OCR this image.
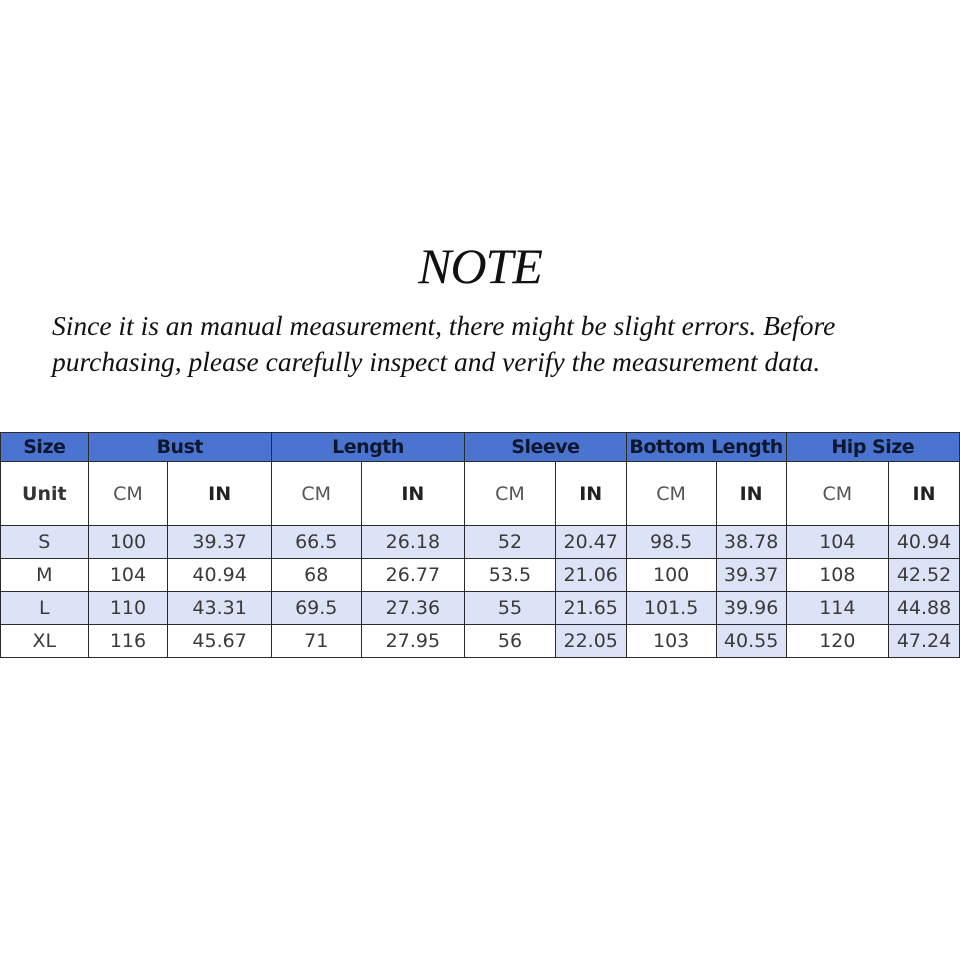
NOTE
Since it is an manual measurement, there might be slight errors. Before
purchasing, please carefully inspect and verify the measurement data.
Size	Bust		Length		Sleeve		Bottom Length		Hip Size	
Unit	CM	IN	CM	IN	CM	IN	CM	IN	CM	IN
S	100	39.37	66.5	26.18	52	20.47	98.5	38.78	104	40.94
M	104	40.94	68	26.77	53.5	21.06	100	39.37	108	42.52
L	110	43.31	69.5	27.36	55	21.65	101.5	39.96	114	44.88
XL	116	45.67	71	27.95	56	22.05	103	40.55	120	47.24
